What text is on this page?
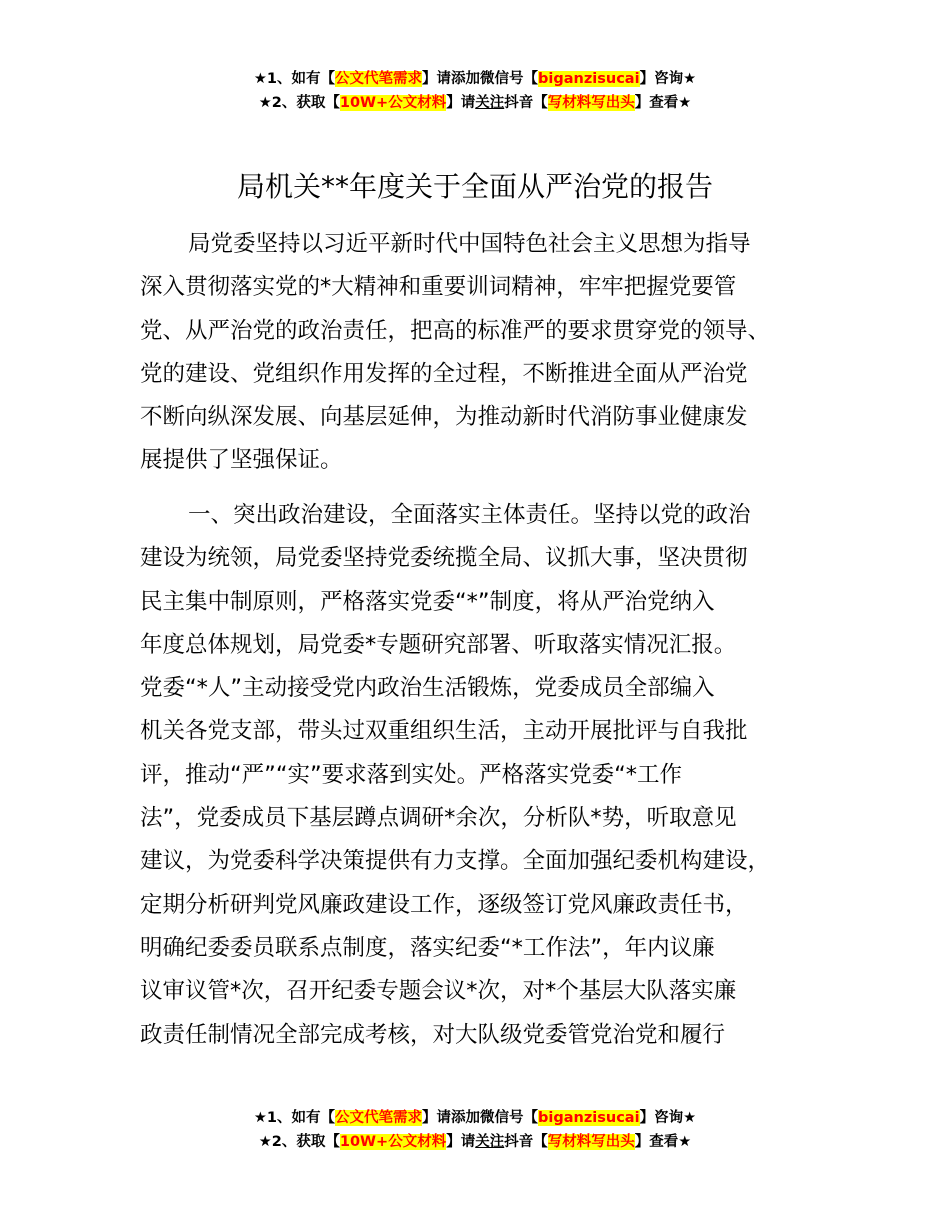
★1、如有【公文代笔需求】请添加微信号【biganzisucai】咨询★
★2、获取【10W+公文材料】请关注抖音【写材料写出头】查看★
局机关**年度关于全面从严治党的报告
局党委坚持以习近平新时代中国特色社会主义思想为指导
深入贯彻落实党的*大精神和重要训词精神，牢牢把握党要管
党、从严治党的政治责任，把高的标准严的要求贯穿党的领导、
党的建设、党组织作用发挥的全过程，不断推进全面从严治党
不断向纵深发展、向基层延伸，为推动新时代消防事业健康发
展提供了坚强保证。
一、突出政治建设，全面落实主体责任。坚持以党的政治
建设为统领，局党委坚持党委统揽全局、议抓大事，坚决贯彻
民主集中制原则，严格落实党委“*”制度，将从严治党纳入
年度总体规划，局党委*专题研究部署、听取落实情况汇报。
党委“*人”主动接受党内政治生活锻炼，党委成员全部编入
机关各党支部，带头过双重组织生活，主动开展批评与自我批
评，推动“严”“实”要求落到实处。严格落实党委“*工作
法”，党委成员下基层蹲点调研*余次，分析队*势，听取意见
建议，为党委科学决策提供有力支撑。全面加强纪委机构建设，
定期分析研判党风廉政建设工作，逐级签订党风廉政责任书，
明确纪委委员联系点制度，落实纪委“*工作法”，年内议廉
议审议管*次，召开纪委专题会议*次，对*个基层大队落实廉
政责任制情况全部完成考核，对大队级党委管党治党和履行
★1、如有【公文代笔需求】请添加微信号【biganzisucai】咨询★
★2、获取【10W+公文材料】请关注抖音【写材料写出头】查看★
